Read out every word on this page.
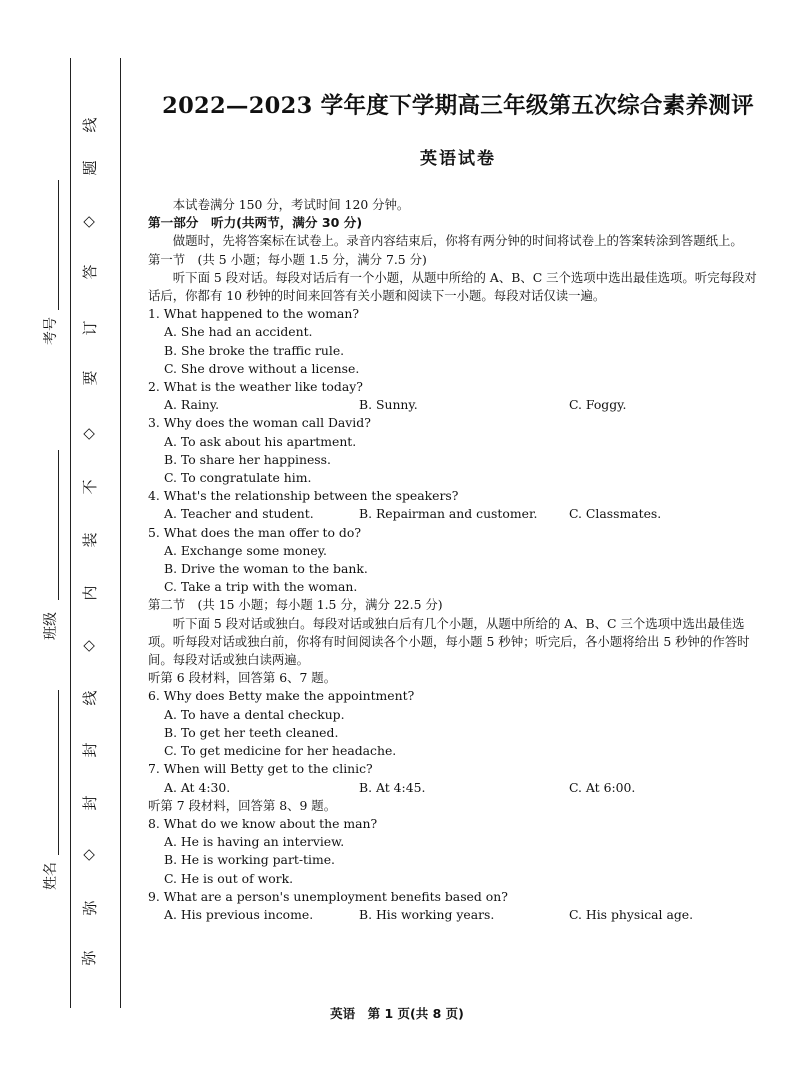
考号
班级
姓名
线
题
◇
答
订
要
◇
不
装
内
◇
线
封
封
◇
弥
弥
2022—2023 学年度下学期高三年级第五次综合素养测评
英语试卷

本试卷满分 150 分，考试时间 120 分钟。

第一部分　听力(共两节，满分 30 分)

做题时，先将答案标在试卷上。录音内容结束后，你将有两分钟的时间将试卷上的答案转涂到答题纸上。

第一节　(共 5 小题；每小题 1.5 分，满分 7.5 分)

听下面 5 段对话。每段对话后有一个小题，从题中所给的 A、B、C 三个选项中选出最佳选项。听完每段对话后，你都有 10 秒钟的时间来回答有关小题和阅读下一小题。每段对话仅读一遍。

1. What happened to the woman?

A. She had an accident.

B. She broke the traffic rule.

C. She drove without a license.

2. What is the weather like today?

A. Rainy.	B. Sunny.	C. Foggy.

3. Why does the woman call David?

A. To ask about his apartment.

B. To share her happiness.

C. To congratulate him.

4. What's the relationship between the speakers?

A. Teacher and student.	B. Repairman and customer.	C. Classmates.

5. What does the man offer to do?

A. Exchange some money.

B. Drive the woman to the bank.

C. Take a trip with the woman.

第二节　(共 15 小题；每小题 1.5 分，满分 22.5 分)

听下面 5 段对话或独白。每段对话或独白后有几个小题，从题中所给的 A、B、C 三个选项中选出最佳选项。听每段对话或独白前，你将有时间阅读各个小题，每小题 5 秒钟；听完后，各小题将给出 5 秒钟的作答时间。每段对话或独白读两遍。

听第 6 段材料，回答第 6、7 题。

6. Why does Betty make the appointment?

A. To have a dental checkup.

B. To get her teeth cleaned.

C. To get medicine for her headache.

7. When will Betty get to the clinic?

A. At 4:30.	B. At 4:45.	C. At 6:00.

听第 7 段材料，回答第 8、9 题。

8. What do we know about the man?

A. He is having an interview.

B. He is working part-time.

C. He is out of work.

9. What are a person's unemployment benefits based on?

A. His previous income.	B. His working years.	C. His physical age.
英语　第 1 页(共 8 页)
